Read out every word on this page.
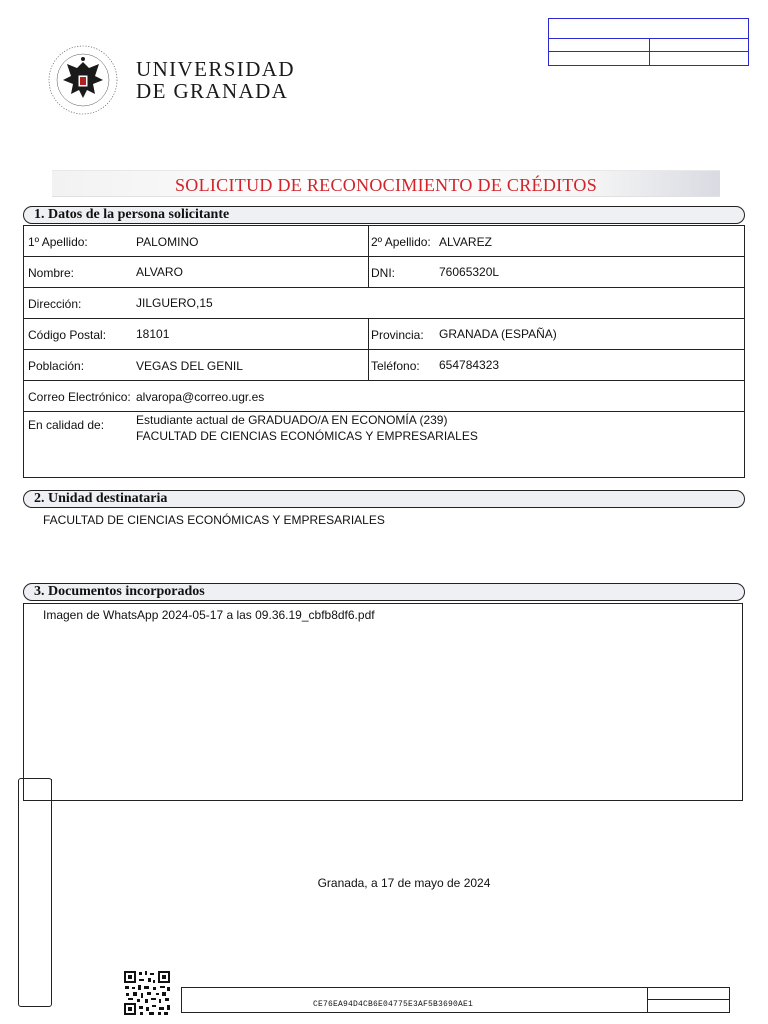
UNIVERSIDAD
DE GRANADA
SOLICITUD DE RECONOCIMIENTO DE CRÉDITOS
1. Datos de la persona solicitante
1º Apellido:	PALOMINO	2º Apellido: ALVAREZ
Nombre:	ALVARO	DNI:	76065320L
Dirección:	JILGUERO,15
Código Postal: 18101	Provincia: GRANADA (ESPAÑA)
Población:	VEGAS DEL GENIL	Teléfono: 654784323
Correo Electrónico: alvaropa@correo.ugr.es
En calidad de:	Estudiante actual de GRADUADO/A EN ECONOMÍA (239)
FACULTAD DE CIENCIAS ECONÓMICAS Y EMPRESARIALES
2. Unidad destinataria
FACULTAD DE CIENCIAS ECONÓMICAS Y EMPRESARIALES
3. Documentos incorporados
Imagen de WhatsApp 2024-05-17 a las 09.36.19_cbfb8df6.pdf
Granada, a 17 de mayo de 2024
CE76EA94D4CB6E04775E3AF5B3690AE1
